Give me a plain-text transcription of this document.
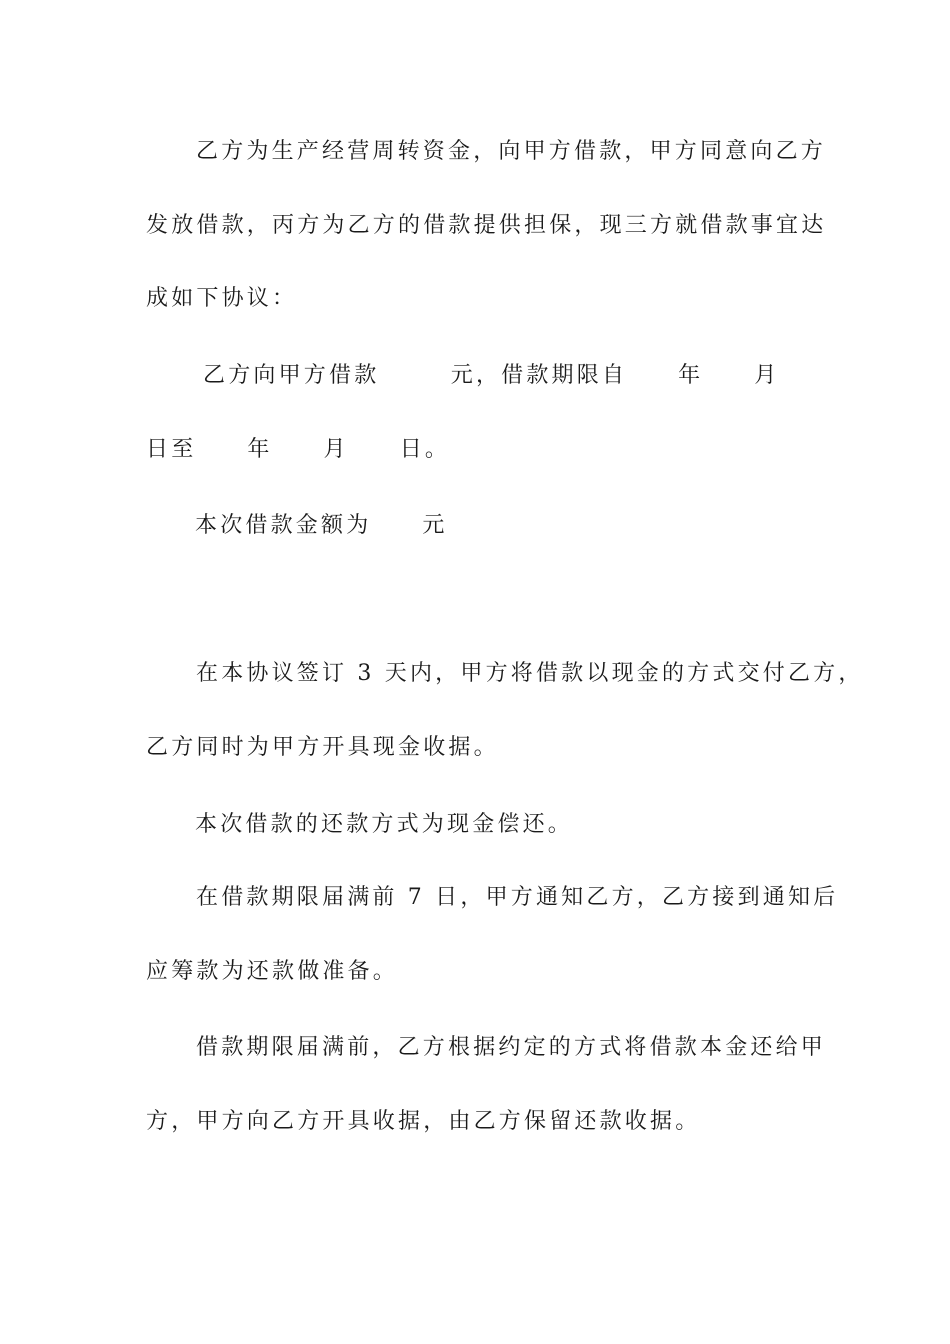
乙方为生产经营周转资金，向甲方借款，甲方同意向乙方
发放借款，丙方为乙方的借款提供担保，现三方就借款事宜达
成如下协议：
乙方向甲方借款       元，借款期限自     年     月
日至     年     月     日。
本次借款金额为     元
在本协议签订 3 天内，甲方将借款以现金的方式交付乙方，
乙方同时为甲方开具现金收据。
本次借款的还款方式为现金偿还。
在借款期限届满前 7 日，甲方通知乙方，乙方接到通知后
应筹款为还款做准备。
借款期限届满前，乙方根据约定的方式将借款本金还给甲
方，甲方向乙方开具收据，由乙方保留还款收据。
